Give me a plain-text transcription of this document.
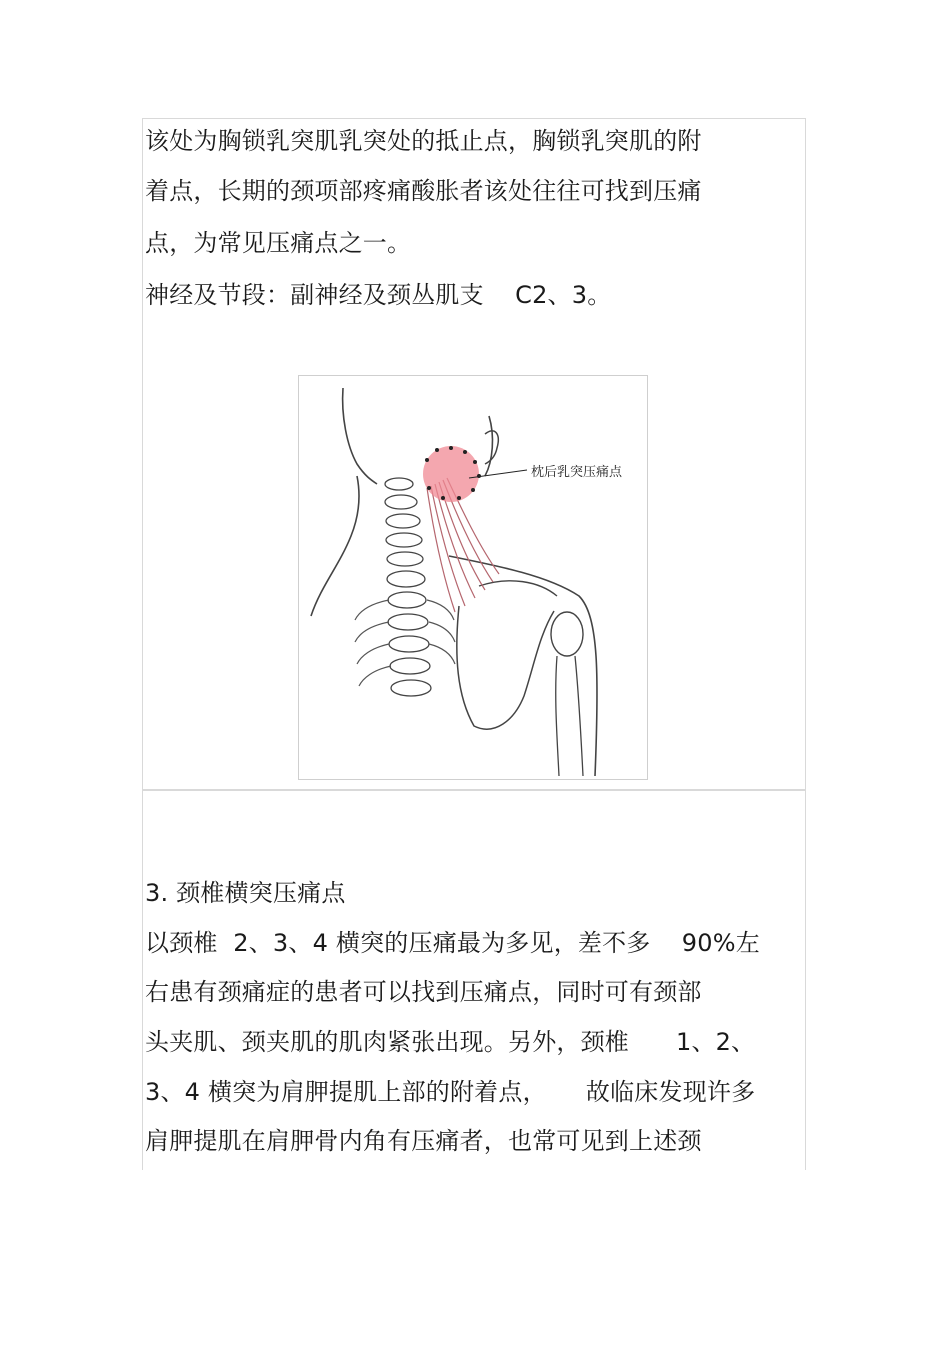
该处为胸锁乳突肌乳突处的抵止点，胸锁乳突肌的附
着点，长期的颈项部疼痛酸胀者该处往往可找到压痛
点，为常见压痛点之一。
神经及节段：副神经及颈丛肌支    C2、3。
枕后乳突压痛点
3. 颈椎横突压痛点
以颈椎  2、3、4 横突的压痛最为多见，差不多    90%左
右患有颈痛症的患者可以找到压痛点，同时可有颈部
头夹肌、颈夹肌的肌肉紧张出现。另外，颈椎      1、2、
3、4 横突为肩胛提肌上部的附着点，     故临床发现许多
肩胛提肌在肩胛骨内角有压痛者，也常可见到上述颈
